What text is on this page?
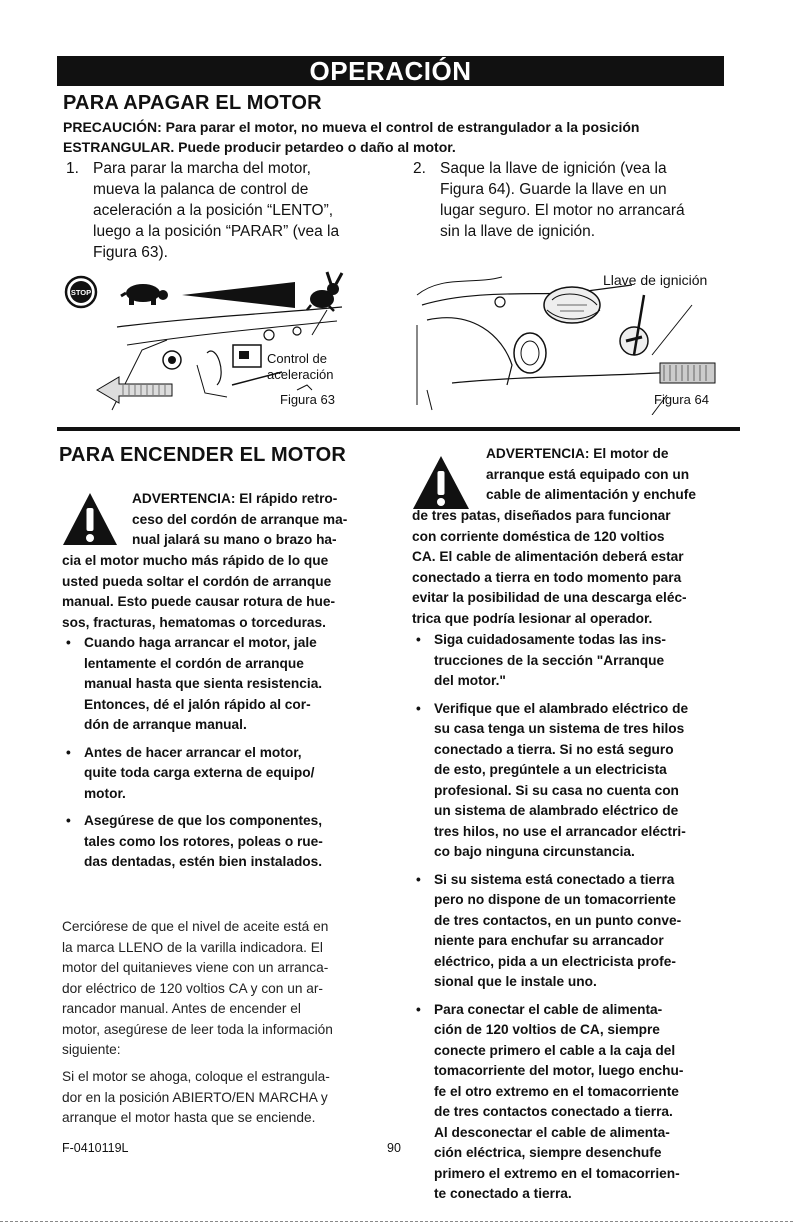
OPERACIÓN
PARA APAGAR EL MOTOR
PRECAUCIÓN: Para parar el motor, no mueva el control de estrangulador a la posición
ESTRANGULAR. Puede producir petardeo o daño al motor.
1. Para parar la marcha del motor,
mueva la palanca de control de
aceleración a la posición “LENTO”,
luego a la posición “PARAR” (vea la
Figura 63).
2. Saque la llave de ignición (vea la
Figura 64). Guarde la llave en un
lugar seguro. El motor no arrancará
sin la llave de ignición.
STOP
Control de
aceleración
Figura 63
Llave de ignición
Figura 64
PARA ENCENDER EL MOTOR
ADVERTENCIA: El rápido retro-
ceso del cordón de arranque ma-
nual jalará su mano o brazo ha-
cia el motor mucho más rápido de lo que
usted pueda soltar el cordón de arranque
manual. Esto puede causar rotura de hue-
sos, fracturas, hematomas o torceduras.
• Cuando haga arrancar el motor, jale
lentamente el cordón de arranque
manual hasta que sienta resistencia.
Entonces, dé el jalón rápido al cor-
dón de arranque manual.
• Antes de hacer arrancar el motor,
quite toda carga externa de equipo/
motor.
• Asegúrese de que los componentes,
tales como los rotores, poleas o rue-
das dentadas, estén bien instalados.
Cerciórese de que el nivel de aceite está en
la marca LLENO de la varilla indicadora. El
motor del quitanieves viene con un arranca-
dor eléctrico de 120 voltios CA y con un ar-
rancador manual. Antes de encender el
motor, asegúrese de leer toda la información
siguiente:
Si el motor se ahoga, coloque el estrangula-
dor en la posición ABIERTO/EN MARCHA y
arranque el motor hasta que se enciende.
ADVERTENCIA: El motor de
arranque está equipado con un
cable de alimentación y enchufe
de tres patas, diseñados para funcionar
con corriente doméstica de 120 voltios
CA. El cable de alimentación deberá estar
conectado a tierra en todo momento para
evitar la posibilidad de una descarga eléc-
trica que podría lesionar al operador.
• Siga cuidadosamente todas las ins-
trucciones de la sección "Arranque
del motor."
• Verifique que el alambrado eléctrico de
su casa tenga un sistema de tres hilos
conectado a tierra. Si no está seguro
de esto, pregúntele a un electricista
profesional. Si su casa no cuenta con
un sistema de alambrado eléctrico de
tres hilos, no use el arrancador eléctri-
co bajo ninguna circunstancia.
• Si su sistema está conectado a tierra
pero no dispone de un tomacorriente
de tres contactos, en un punto conve-
niente para enchufar su arrancador
eléctrico, pida a un electricista profe-
sional que le instale uno.
• Para conectar el cable de alimenta-
ción de 120 voltios de CA, siempre
conecte primero el cable a la caja del
tomacorriente del motor, luego enchu-
fe el otro extremo en el tomacorriente
de tres contactos conectado a tierra.
Al desconectar el cable de alimenta-
ción eléctrica, siempre desenchufe
primero el extremo en el tomacorrien-
te conectado a tierra.
F-0410119L	90
